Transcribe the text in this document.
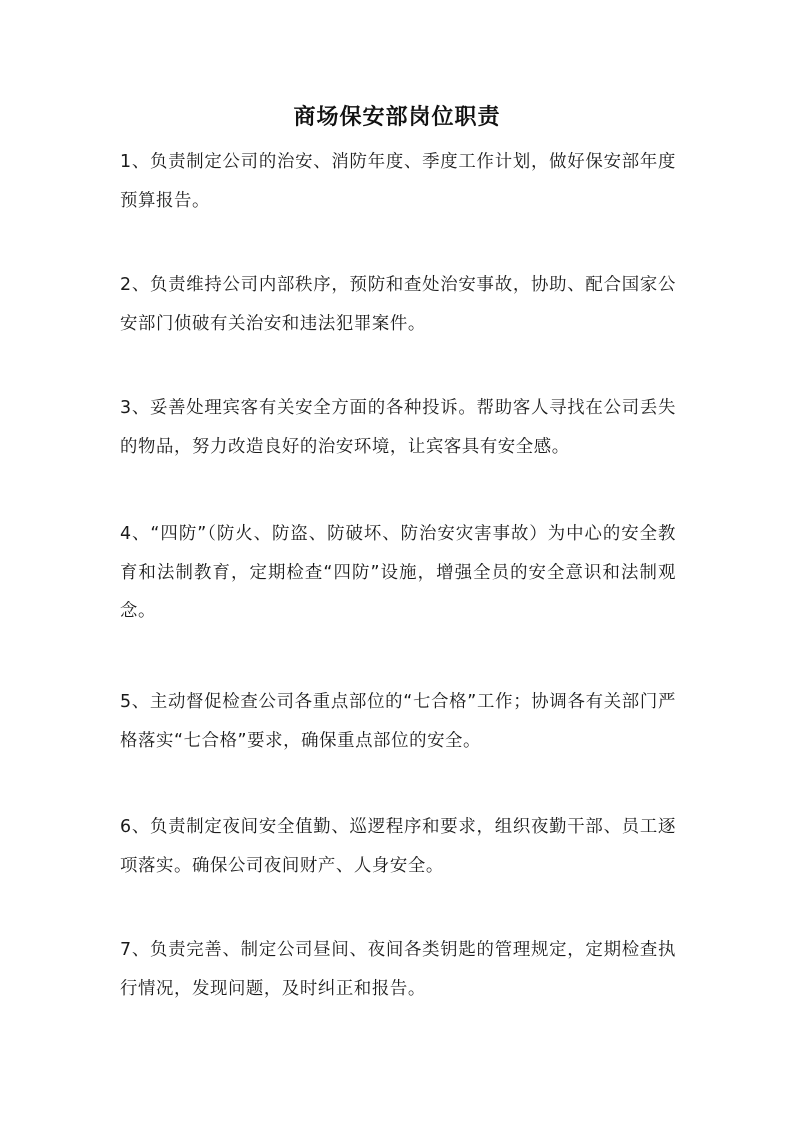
商场保安部岗位职责

1、负责制定公司的治安、消防年度、季度工作计划，做好保安部年度预算报告。

2、负责维持公司内部秩序，预防和查处治安事故，协助、配合国家公安部门侦破有关治安和违法犯罪案件。

3、妥善处理宾客有关安全方面的各种投诉。帮助客人寻找在公司丢失的物品，努力改造良好的治安环境，让宾客具有安全感。

4、“四防”（防火、防盗、防破坏、防治安灾害事故）为中心的安全教育和法制教育，定期检查“四防”设施，增强全员的安全意识和法制观念。

5、主动督促检查公司各重点部位的“七合格”工作；协调各有关部门严格落实“七合格”要求，确保重点部位的安全。

6、负责制定夜间安全值勤、巡逻程序和要求，组织夜勤干部、员工逐项落实。确保公司夜间财产、人身安全。

7、负责完善、制定公司昼间、夜间各类钥匙的管理规定，定期检查执行情况，发现问题，及时纠正和报告。
